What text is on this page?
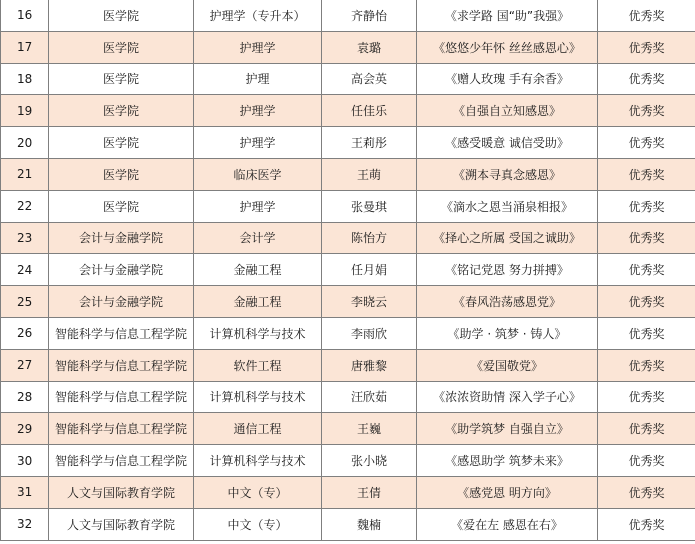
16	医学院	护理学（专升本）	齐静怡	《求学路 国“助”我强》	优秀奖
17	医学院	护理学	袁璐	《悠悠少年怀 丝丝感恩心》	优秀奖
18	医学院	护理	高会英	《赠人玫瑰 手有余香》	优秀奖
19	医学院	护理学	任佳乐	《自强自立知感恩》	优秀奖
20	医学院	护理学	王莉彤	《感受暖意 诚信受助》	优秀奖
21	医学院	临床医学	王萌	《溯本寻真念感恩》	优秀奖
22	医学院	护理学	张曼琪	《滴水之恩当涌泉相报》	优秀奖
23	会计与金融学院	会计学	陈怡方	《择心之所属 受国之诚助》	优秀奖
24	会计与金融学院	金融工程	任月娟	《铭记党恩 努力拼搏》	优秀奖
25	会计与金融学院	金融工程	李晓云	《春风浩荡感恩党》	优秀奖
26	智能科学与信息工程学院	计算机科学与技术	李雨欣	《助学 · 筑梦 · 铸人》	优秀奖
27	智能科学与信息工程学院	软件工程	唐雅黎	《爱国敬党》	优秀奖
28	智能科学与信息工程学院	计算机科学与技术	汪欣茹	《浓浓资助情 深入学子心》	优秀奖
29	智能科学与信息工程学院	通信工程	王巍	《助学筑梦 自强自立》	优秀奖
30	智能科学与信息工程学院	计算机科学与技术	张小晓	《感恩助学 筑梦未来》	优秀奖
31	人文与国际教育学院	中文（专）	王倩	《感党恩 明方向》	优秀奖
32	人文与国际教育学院	中文（专）	魏楠	《爱在左 感恩在右》	优秀奖
